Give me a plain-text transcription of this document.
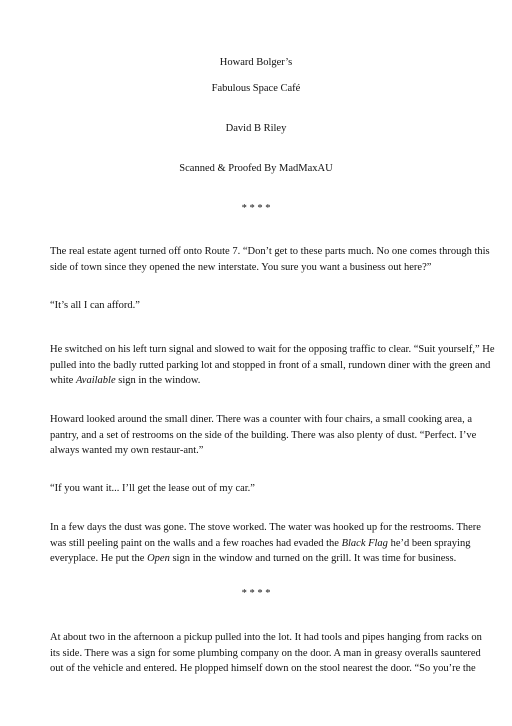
Howard Bolger’s
Fabulous Space Café
David B Riley
Scanned & Proofed By MadMaxAU
* * * *
The real estate agent turned off onto Route 7. “Don’t get to these parts much. No one comes through this
side of town since they opened the new interstate. You sure you want a business out here?”
“It’s all I can afford.”
He switched on his left turn signal and slowed to wait for the opposing traffic to clear. “Suit yourself,” He
pulled into the badly rutted parking lot and stopped in front of a small, rundown diner with the green and
white Available sign in the window.
Howard looked around the small diner. There was a counter with four chairs, a small cooking area, a
pantry, and a set of restrooms on the side of the building. There was also plenty of dust. “Perfect. I’ve
always wanted my own restaur-ant.”
“If you want it... I’ll get the lease out of my car.”
In a few days the dust was gone. The stove worked. The water was hooked up for the restrooms. There
was still peeling paint on the walls and a few roaches had evaded the Black Flag he’d been spraying
everyplace. He put the Open sign in the window and turned on the grill. It was time for business.
* * * *
At about two in the afternoon a pickup pulled into the lot. It had tools and pipes hanging from racks on
its side. There was a sign for some plumbing company on the door. A man in greasy overalls sauntered
out of the vehicle and entered. He plopped himself down on the stool nearest the door. “So you’re the
